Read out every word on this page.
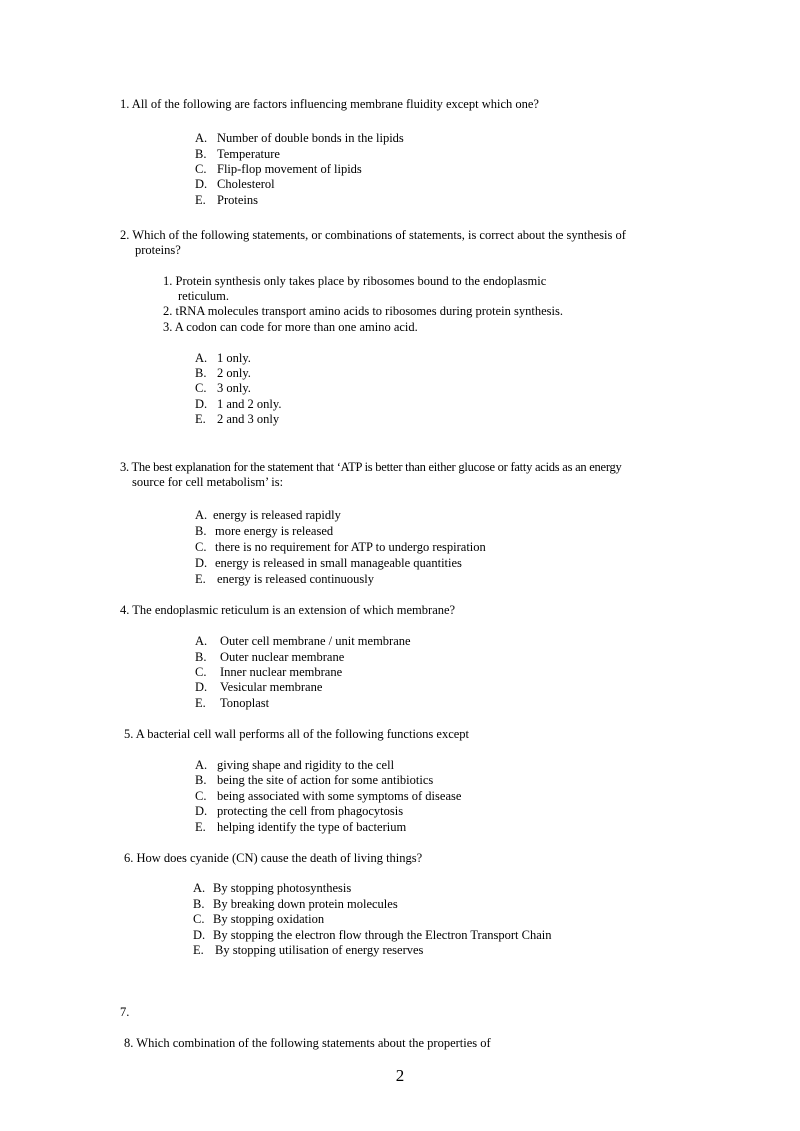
1. All of the following are factors influencing membrane fluidity except which one?
A. Number of double bonds in the lipids
B. Temperature
C. Flip-flop movement of lipids
D. Cholesterol
E. Proteins
2. Which of the following statements, or combinations of statements, is correct about the synthesis of
proteins?
1. Protein synthesis only takes place by ribosomes bound to the endoplasmic
reticulum.
2. tRNA molecules transport amino acids to ribosomes during protein synthesis.
3. A codon can code for more than one amino acid.
A. 1 only.
B. 2 only.
C. 3 only.
D. 1 and 2 only.
E. 2 and 3 only
3. The best explanation for the statement that ‘ATP is better than either glucose or fatty acids as an energy
source for cell metabolism’ is:
A. energy is released rapidly
B. more energy is released
C. there is no requirement for ATP to undergo respiration
D. energy is released in small manageable quantities
E. energy is released continuously
4. The endoplasmic reticulum is an extension of which membrane?
A. Outer cell membrane / unit membrane
B. Outer nuclear membrane
C. Inner nuclear membrane
D. Vesicular membrane
E. Tonoplast
5. A bacterial cell wall performs all of the following functions except
A. giving shape and rigidity to the cell
B. being the site of action for some antibiotics
C. being associated with some symptoms of disease
D. protecting the cell from phagocytosis
E. helping identify the type of bacterium
6. How does cyanide (CN) cause the death of living things?
A. By stopping photosynthesis
B. By breaking down protein molecules
C. By stopping oxidation
D. By stopping the electron flow through the Electron Transport Chain
E. By stopping utilisation of energy reserves
7.
8. Which combination of the following statements about the properties of
2
